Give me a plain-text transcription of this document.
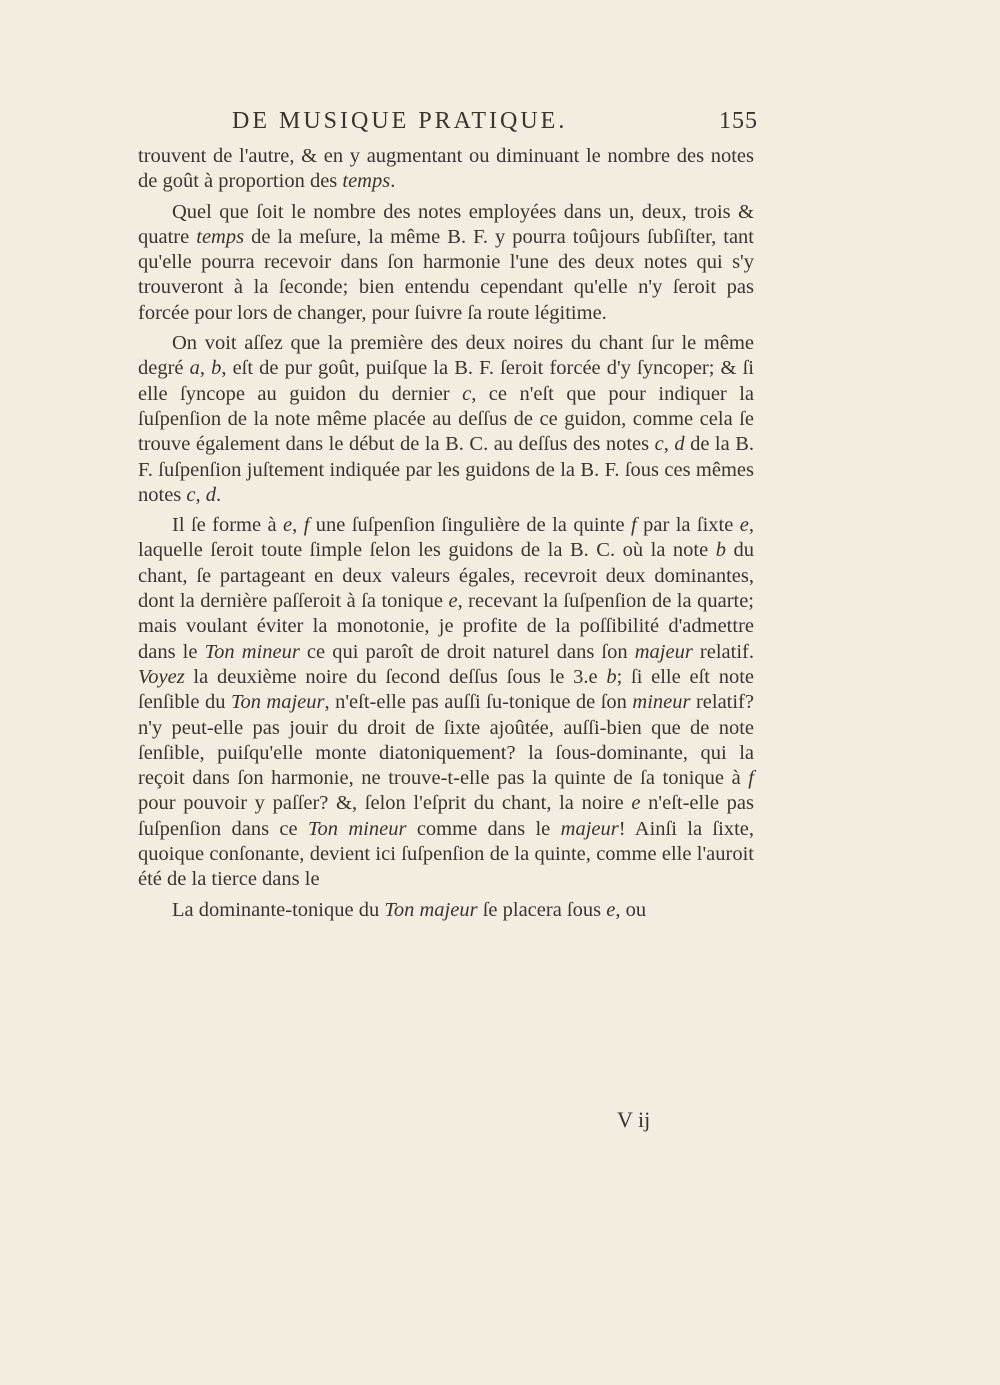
DE MUSIQUE PRATIQUE.	155

trouvent de l'autre, & en y augmentant ou diminuant le nombre des notes de goût à proportion des temps.

Quel que ſoit le nombre des notes employées dans un, deux, trois & quatre temps de la meſure, la même B. F. y pourra toûjours ſubſiſter, tant qu'elle pourra recevoir dans ſon harmonie l'une des deux notes qui s'y trouveront à la ſeconde; bien entendu cependant qu'elle n'y ſeroit pas forcée pour lors de changer, pour ſuivre ſa route légitime.

On voit aſſez que la première des deux noires du chant ſur le même degré a, b, eſt de pur goût, puiſque la B. F. ſeroit forcée d'y ſyncoper; & ſi elle ſyncope au guidon du dernier c, ce n'eſt que pour indiquer la ſuſpenſion de la note même placée au deſſus de ce guidon, comme cela ſe trouve également dans le début de la B. C. au deſſus des notes c, d de la B. F. ſuſpenſion juſtement indiquée par les guidons de la B. F. ſous ces mêmes notes c, d.

Il ſe forme à e, f une ſuſpenſion ſingulière de la quinte f par la ſixte e, laquelle ſeroit toute ſimple ſelon les guidons de la B. C. où la note b du chant, ſe partageant en deux valeurs égales, recevroit deux dominantes, dont la dernière paſſeroit à ſa tonique e, recevant la ſuſpenſion de la quarte; mais voulant éviter la monotonie, je profite de la poſſibilité d'admettre dans le Ton mineur ce qui paroît de droit naturel dans ſon majeur relatif. Voyez la deuxième noire du ſecond deſſus ſous le 3.e b; ſi elle eſt note ſenſible du Ton majeur, n'eſt-elle pas auſſi ſu-tonique de ſon mineur relatif? n'y peut-elle pas jouir du droit de ſixte ajoûtée, auſſi-bien que de note ſenſible, puiſqu'elle monte diatoniquement? la ſous-dominante, qui la reçoit dans ſon harmonie, ne trouve-t-elle pas la quinte de ſa tonique à f pour pouvoir y paſſer? &, ſelon l'eſprit du chant, la noire e n'eſt-elle pas ſuſpenſion dans ce Ton mineur comme dans le majeur! Ainſi la ſixte, quoique conſonante, devient ici ſuſpenſion de la quinte, comme elle l'auroit été de la tierce dans le

La dominante-tonique du Ton majeur ſe placera ſous e, ou

V ij
